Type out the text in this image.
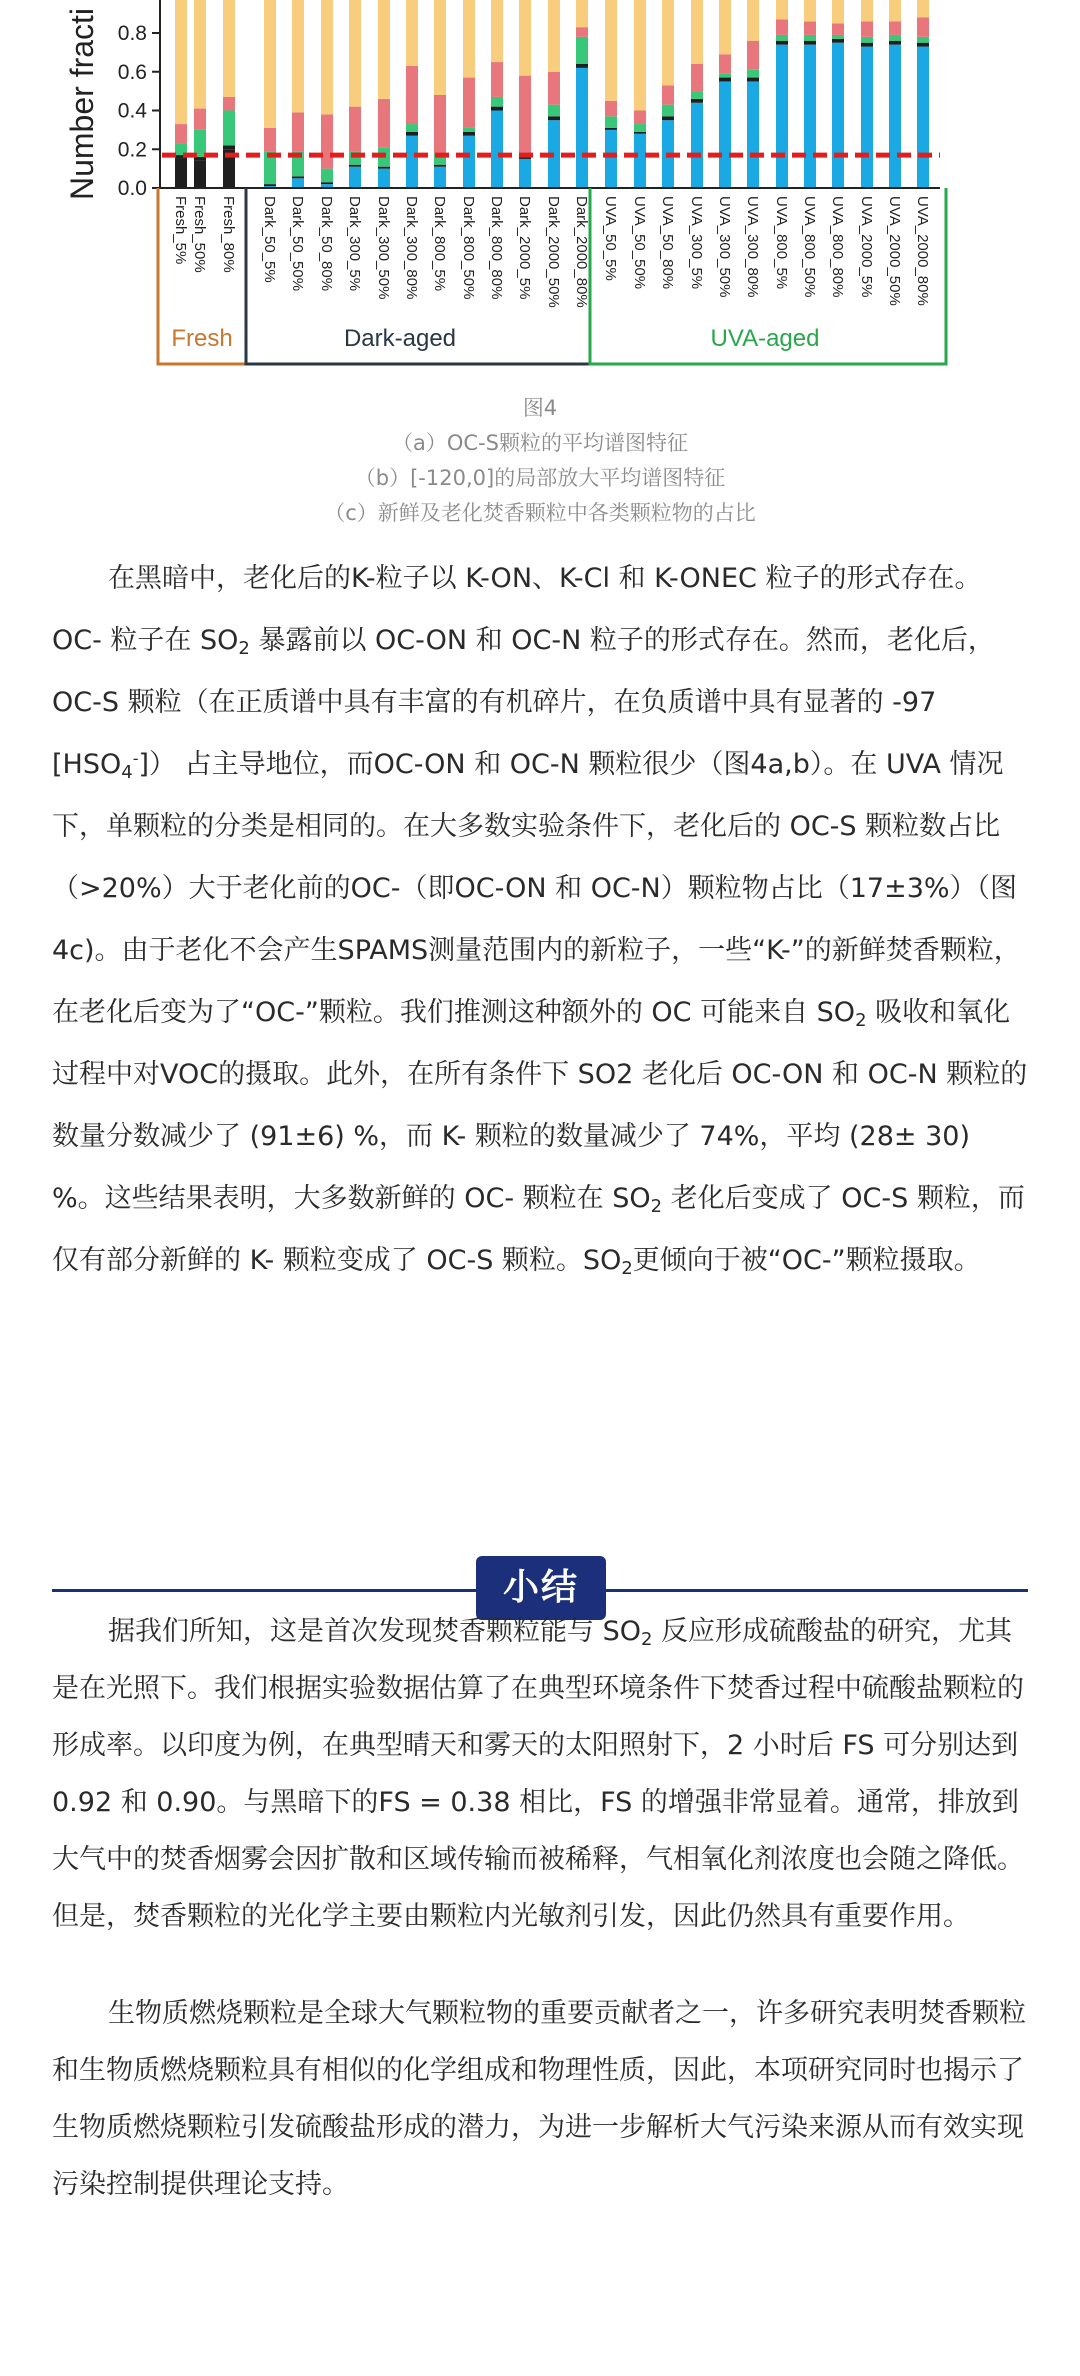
Number fracti 0.0
0.2
0.4
0.6
0.8
Fresh_5% Fresh_50% Fresh_80% Dark_50_5% Dark_50_50% Dark_50_80% Dark_300_5% Dark_300_50% Dark_300_80% Dark_800_5% Dark_800_50% Dark_800_80% Dark_2000_5% Dark_2000_50% Dark_2000_80% UVA_50_5% UVA_50_50% UVA_50_80% UVA_300_5% UVA_300_50% UVA_300_80% UVA_800_5% UVA_800_50% UVA_800_80% UVA_2000_5% UVA_2000_50% UVA_2000_80%
Fresh	Dark-aged	UVA-aged
图4
（a）OC-S颗粒的平均谱图特征
（b）[-120,0]的局部放大平均谱图特征
（c）新鲜及老化焚香颗粒中各类颗粒物的占比

在黑暗中，老化后的K-粒子以 K-ON、K-Cl 和 K-ONEC 粒子的形式存在。OC- 粒子在 $SO_2$ 暴露前以 OC-ON 和 OC-N 粒子的形式存在。然而，老化后，OC-S 颗粒（在正质谱中具有丰富的有机碎片，在负质谱中具有显著的 -97 $[HSO_4^-]$） 占主导地位，而OC-ON 和 OC-N 颗粒很少（图4a,b）。在 UVA 情况下，单颗粒的分类是相同的。在大多数实验条件下，老化后的 OC-S 颗粒数占比（>20%）大于老化前的OC-（即OC-ON 和 OC-N）颗粒物占比（17±3%）（图4c)。由于老化不会产生SPAMS测量范围内的新粒子，一些“K-”的新鲜焚香颗粒，在老化后变为了“OC-”颗粒。我们推测这种额外的 OC 可能来自 $SO_2$ 吸收和氧化过程中对VOC的摄取。此外，在所有条件下 SO2 老化后 OC-ON 和 OC-N 颗粒的数量分数减少了 (91±6) %，而 K- 颗粒的数量减少了 74%，平均 (28± 30) %。这些结果表明，大多数新鲜的 OC- 颗粒在 $SO_2$ 老化后变成了 OC-S 颗粒，而仅有部分新鲜的 K- 颗粒变成了 OC-S 颗粒。$SO_2$更倾向于被“OC-”颗粒摄取。

小结

据我们所知，这是首次发现焚香颗粒能与 $SO_2$ 反应形成硫酸盐的研究，尤其是在光照下。我们根据实验数据估算了在典型环境条件下焚香过程中硫酸盐颗粒的形成率。以印度为例，在典型晴天和雾天的太阳照射下，2 小时后 FS 可分别达到 0.92 和 0.90。与黑暗下的FS = 0.38 相比，FS 的增强非常显着。通常，排放到大气中的焚香烟雾会因扩散和区域传输而被稀释，气相氧化剂浓度也会随之降低。但是，焚香颗粒的光化学主要由颗粒内光敏剂引发，因此仍然具有重要作用。

生物质燃烧颗粒是全球大气颗粒物的重要贡献者之一，许多研究表明焚香颗粒和生物质燃烧颗粒具有相似的化学组成和物理性质，因此，本项研究同时也揭示了生物质燃烧颗粒引发硫酸盐形成的潜力，为进一步解析大气污染来源从而有效实现污染控制提供理论支持。
